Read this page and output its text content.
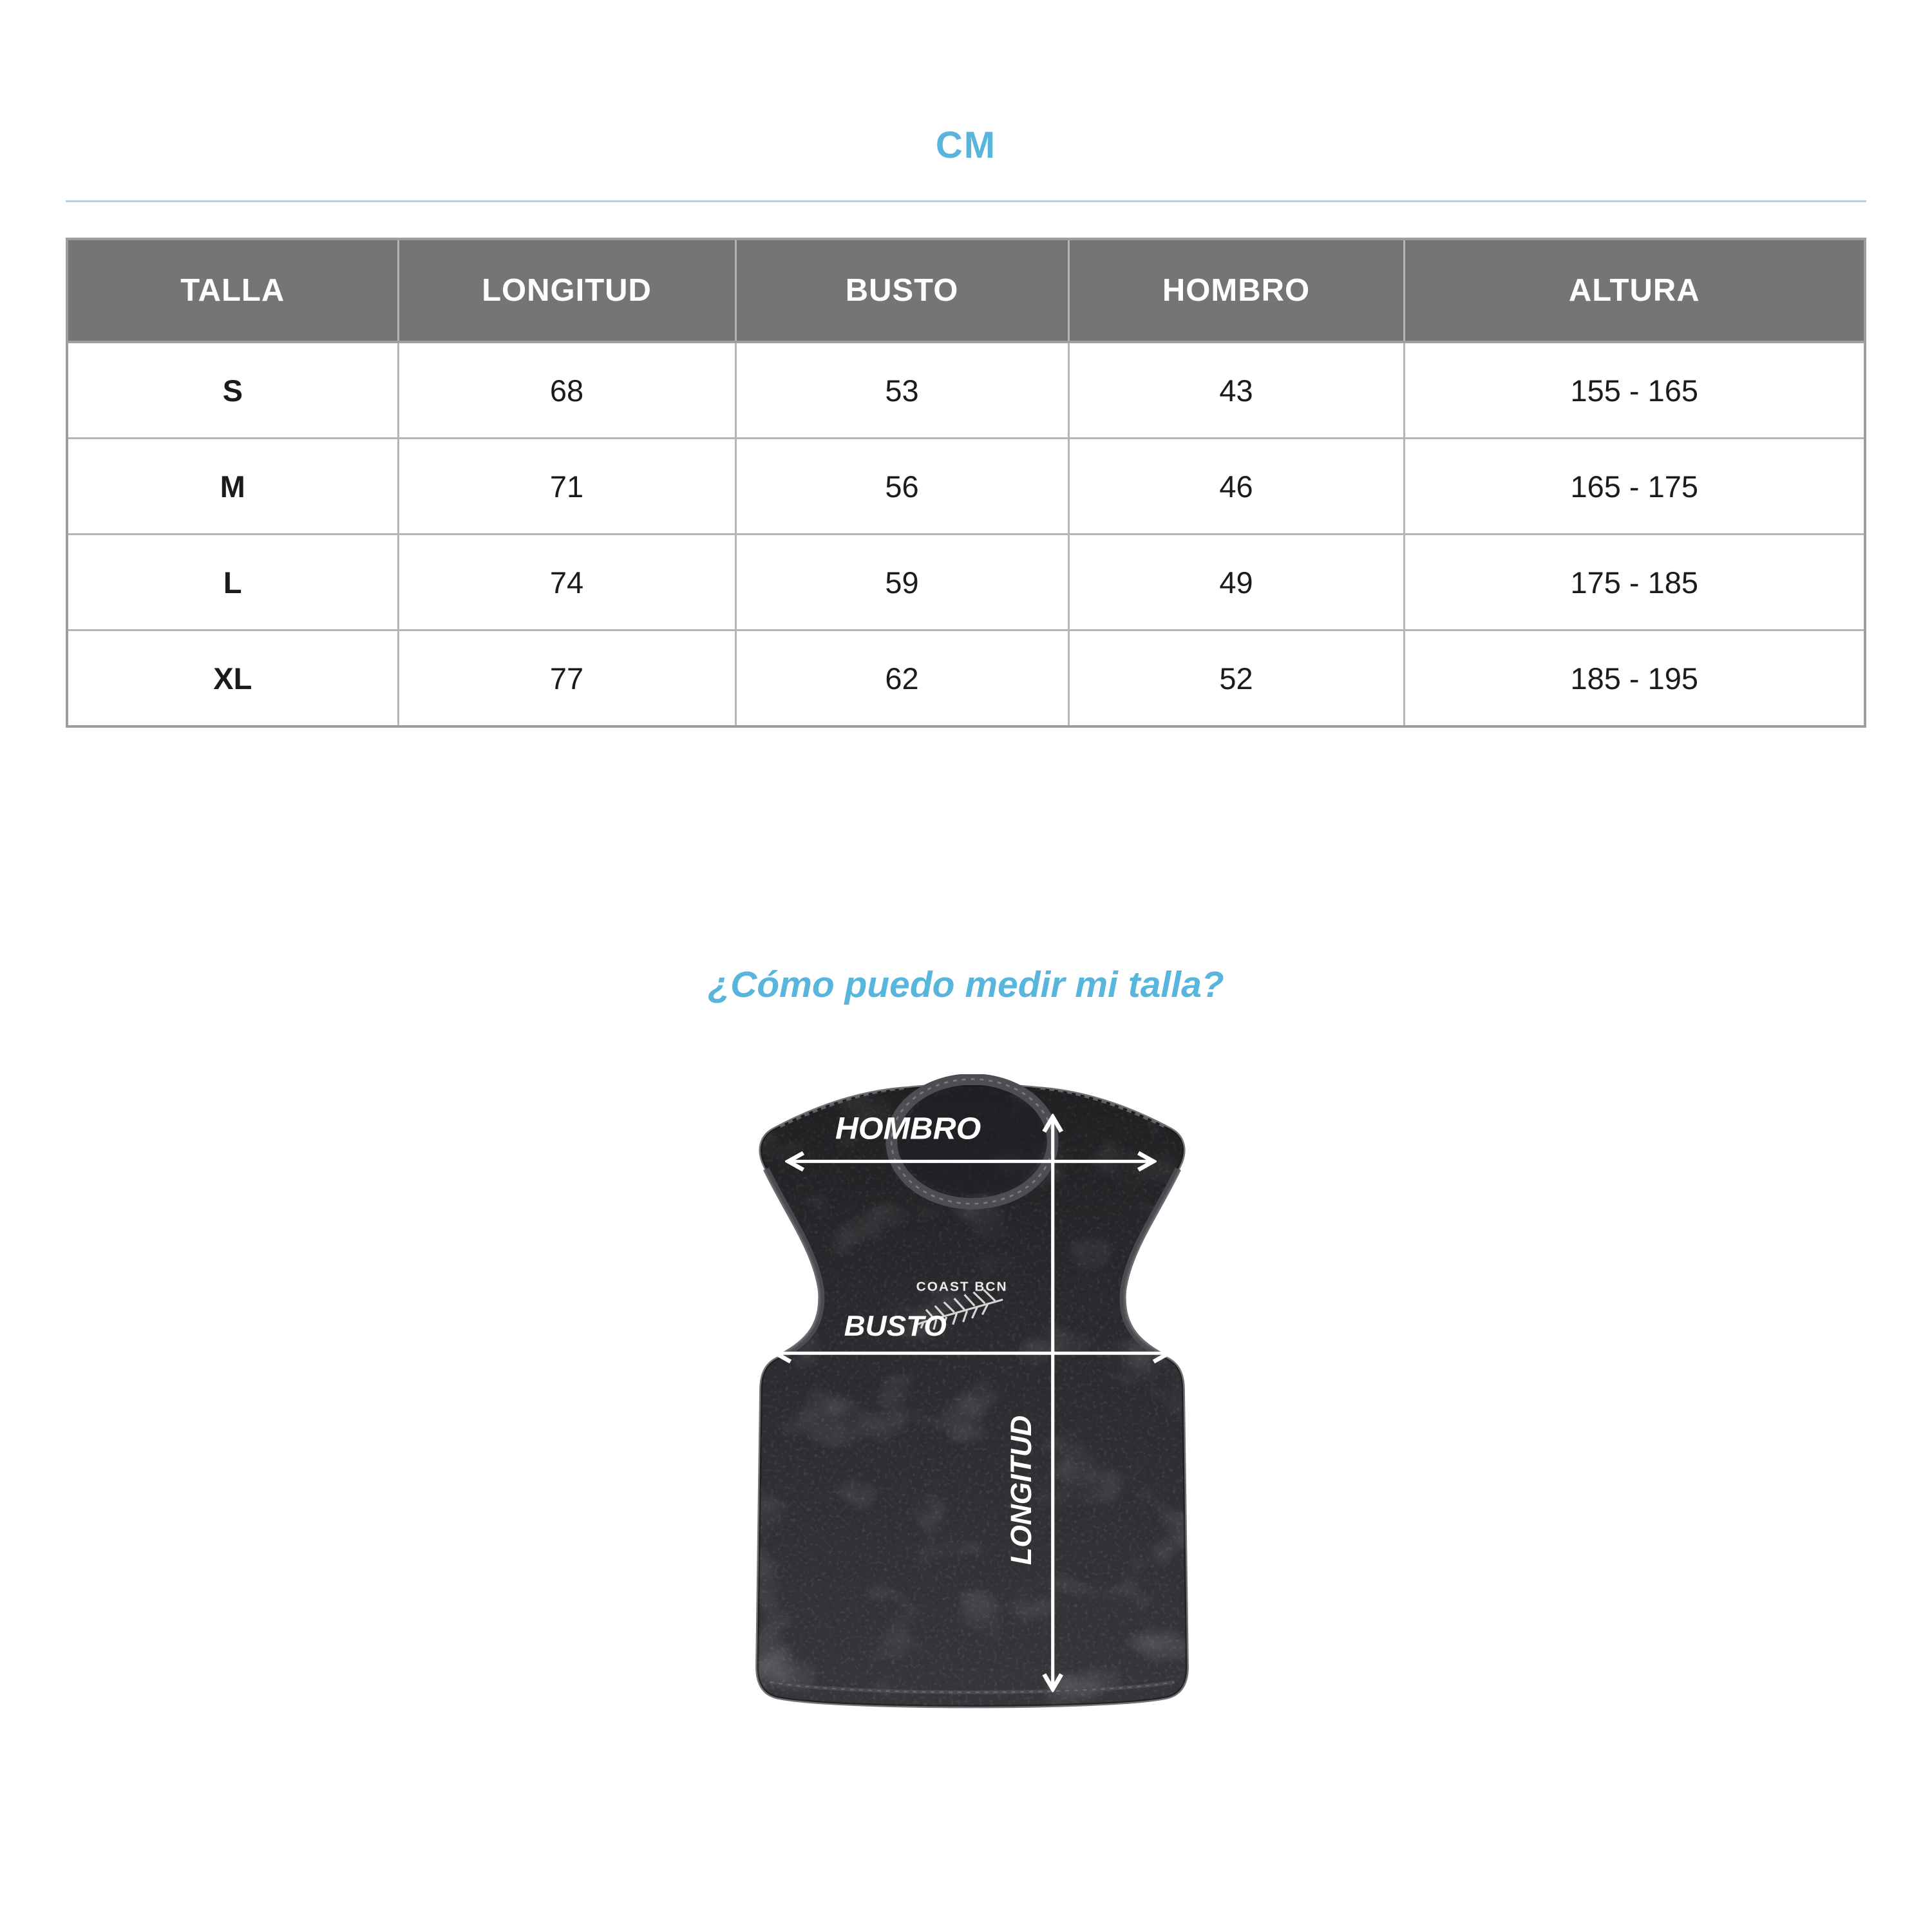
CM
TALLA	LONGITUD	BUSTO	HOMBRO	ALTURA
S	68	53	43	155 - 165
M	71	56	46	165 - 175
L	74	59	49	175 - 185
XL	77	62	52	185 - 195
¿Cómo puedo medir mi talla?
COAST BCN
HOMBRO
BUSTO
LONGITUD
